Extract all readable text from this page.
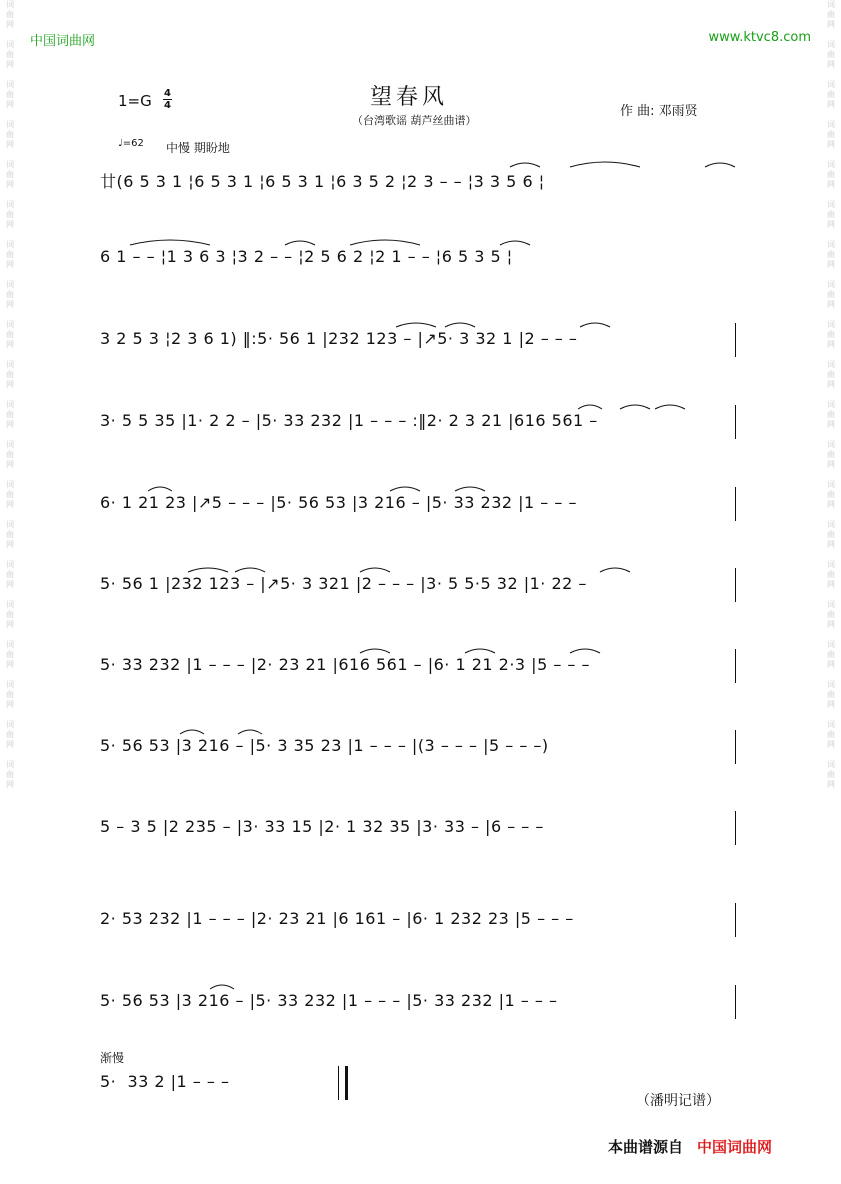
词
曲
网

词
曲
网

词
曲
网

词
曲
网

词
曲
网

词
曲
网

词
曲
网

词
曲
网

词
曲
网

词
曲
网

词
曲
网

词
曲
网

词
曲
网

词
曲
网

词
曲
网

词
曲
网

词
曲
网

词
曲
网

词
曲
网

词
曲
网
词
曲
网

词
曲
网

词
曲
网

词
曲
网

词
曲
网

词
曲
网

词
曲
网

词
曲
网

词
曲
网

词
曲
网

词
曲
网

词
曲
网

词
曲
网

词
曲
网

词
曲
网

词
曲
网

词
曲
网

词
曲
网

词
曲
网

词
曲
网
中国词曲网	www.ktvc8.com
1=G 4
4	望春风
（台湾歌谣 葫芦丝曲谱）
作 曲: 邓雨贤
♩=62 中慢 期盼地
廿(6 5 3 1 ¦6 5 3 1 ¦6 5 3 1 ¦6 3 5 2 ¦2 3 – – ¦3 3 5 6 ¦
6 1 – – ¦1 3 6 3 ¦3 2 – – ¦2 5 6 2 ¦2 1 – – ¦6 5 3 5 ¦
3 2 5 3 ¦2 3 6 1) ‖:5· 56 1 |232 123 – |↗5· 3 32 1 |2 – – –
3· 5 5 35 |1· 2 2 – |5· 33 232 |1 – – – :‖2· 2 3 21 |616 561 –
6· 1 21 23 |↗5 – – – |5· 56 53 |3 216 – |5· 33 232 |1 – – –
5· 56 1 |232 123 – |↗5· 3 321 |2 – – – |3· 5 5·5 32 |1· 22 –
5· 33 232 |1 – – – |2· 23 21 |616 561 – |6· 1 21 2·3 |5 – – –
5· 56 53 |3 216 – |5· 3 35 23 |1 – – – |(3 – – – |5 – – –)
5 – 3 5 |2 235 – |3· 33 15 |2· 1 32 35 |3· 33 – |6 – – –
2· 53 232 |1 – – – |2· 23 21 |6 161 – |6· 1 232 23 |5 – – –
5· 56 53 |3 216 – |5· 33 232 |1 – – – |5· 33 232 |1 – – –
5·  33 2 |1 – – –
渐慢
（潘明记谱）
本曲谱源自 中国词曲网
